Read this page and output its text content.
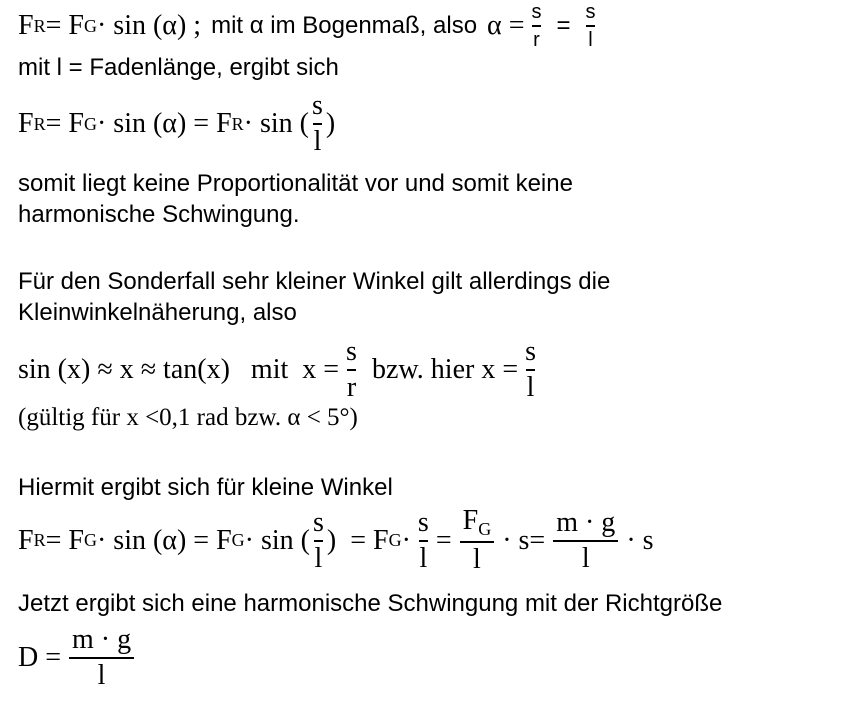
F R = F G · sin (α) ; mit α im Bogenmaß, also $\alpha = \frac{s}{r} = \frac{s}{l}$
mit l = Fadenlänge, ergibt sich
F R = F G · sin (α) = F R · sin ( $\frac{s}{l}$ )
somit liegt keine Proportionalität vor und somit keine
harmonische Schwingung.
Für den Sonderfall sehr kleiner Winkel gilt allerdings die
Kleinwinkelnäherung, also
sin (x) ≈ x ≈ tan(x)   mit  $x = \frac{s}{r}$ bzw. hier $x = \frac{s}{l}$
(gültig für x <0,1 rad bzw. α < 5°)
Hiermit ergibt sich für kleine Winkel
F R = F G · sin (α) = F G · sin ( $\frac{s}{l}$ )  = F $G \cdot \frac{s}{l} = \frac{F_G}{l} \cdot s= \frac{m \cdot g}{l} \cdot s$
Jetzt ergibt sich eine harmonische Schwingung mit der Richtgröße
$D = \frac{m \cdot g}{l}$
